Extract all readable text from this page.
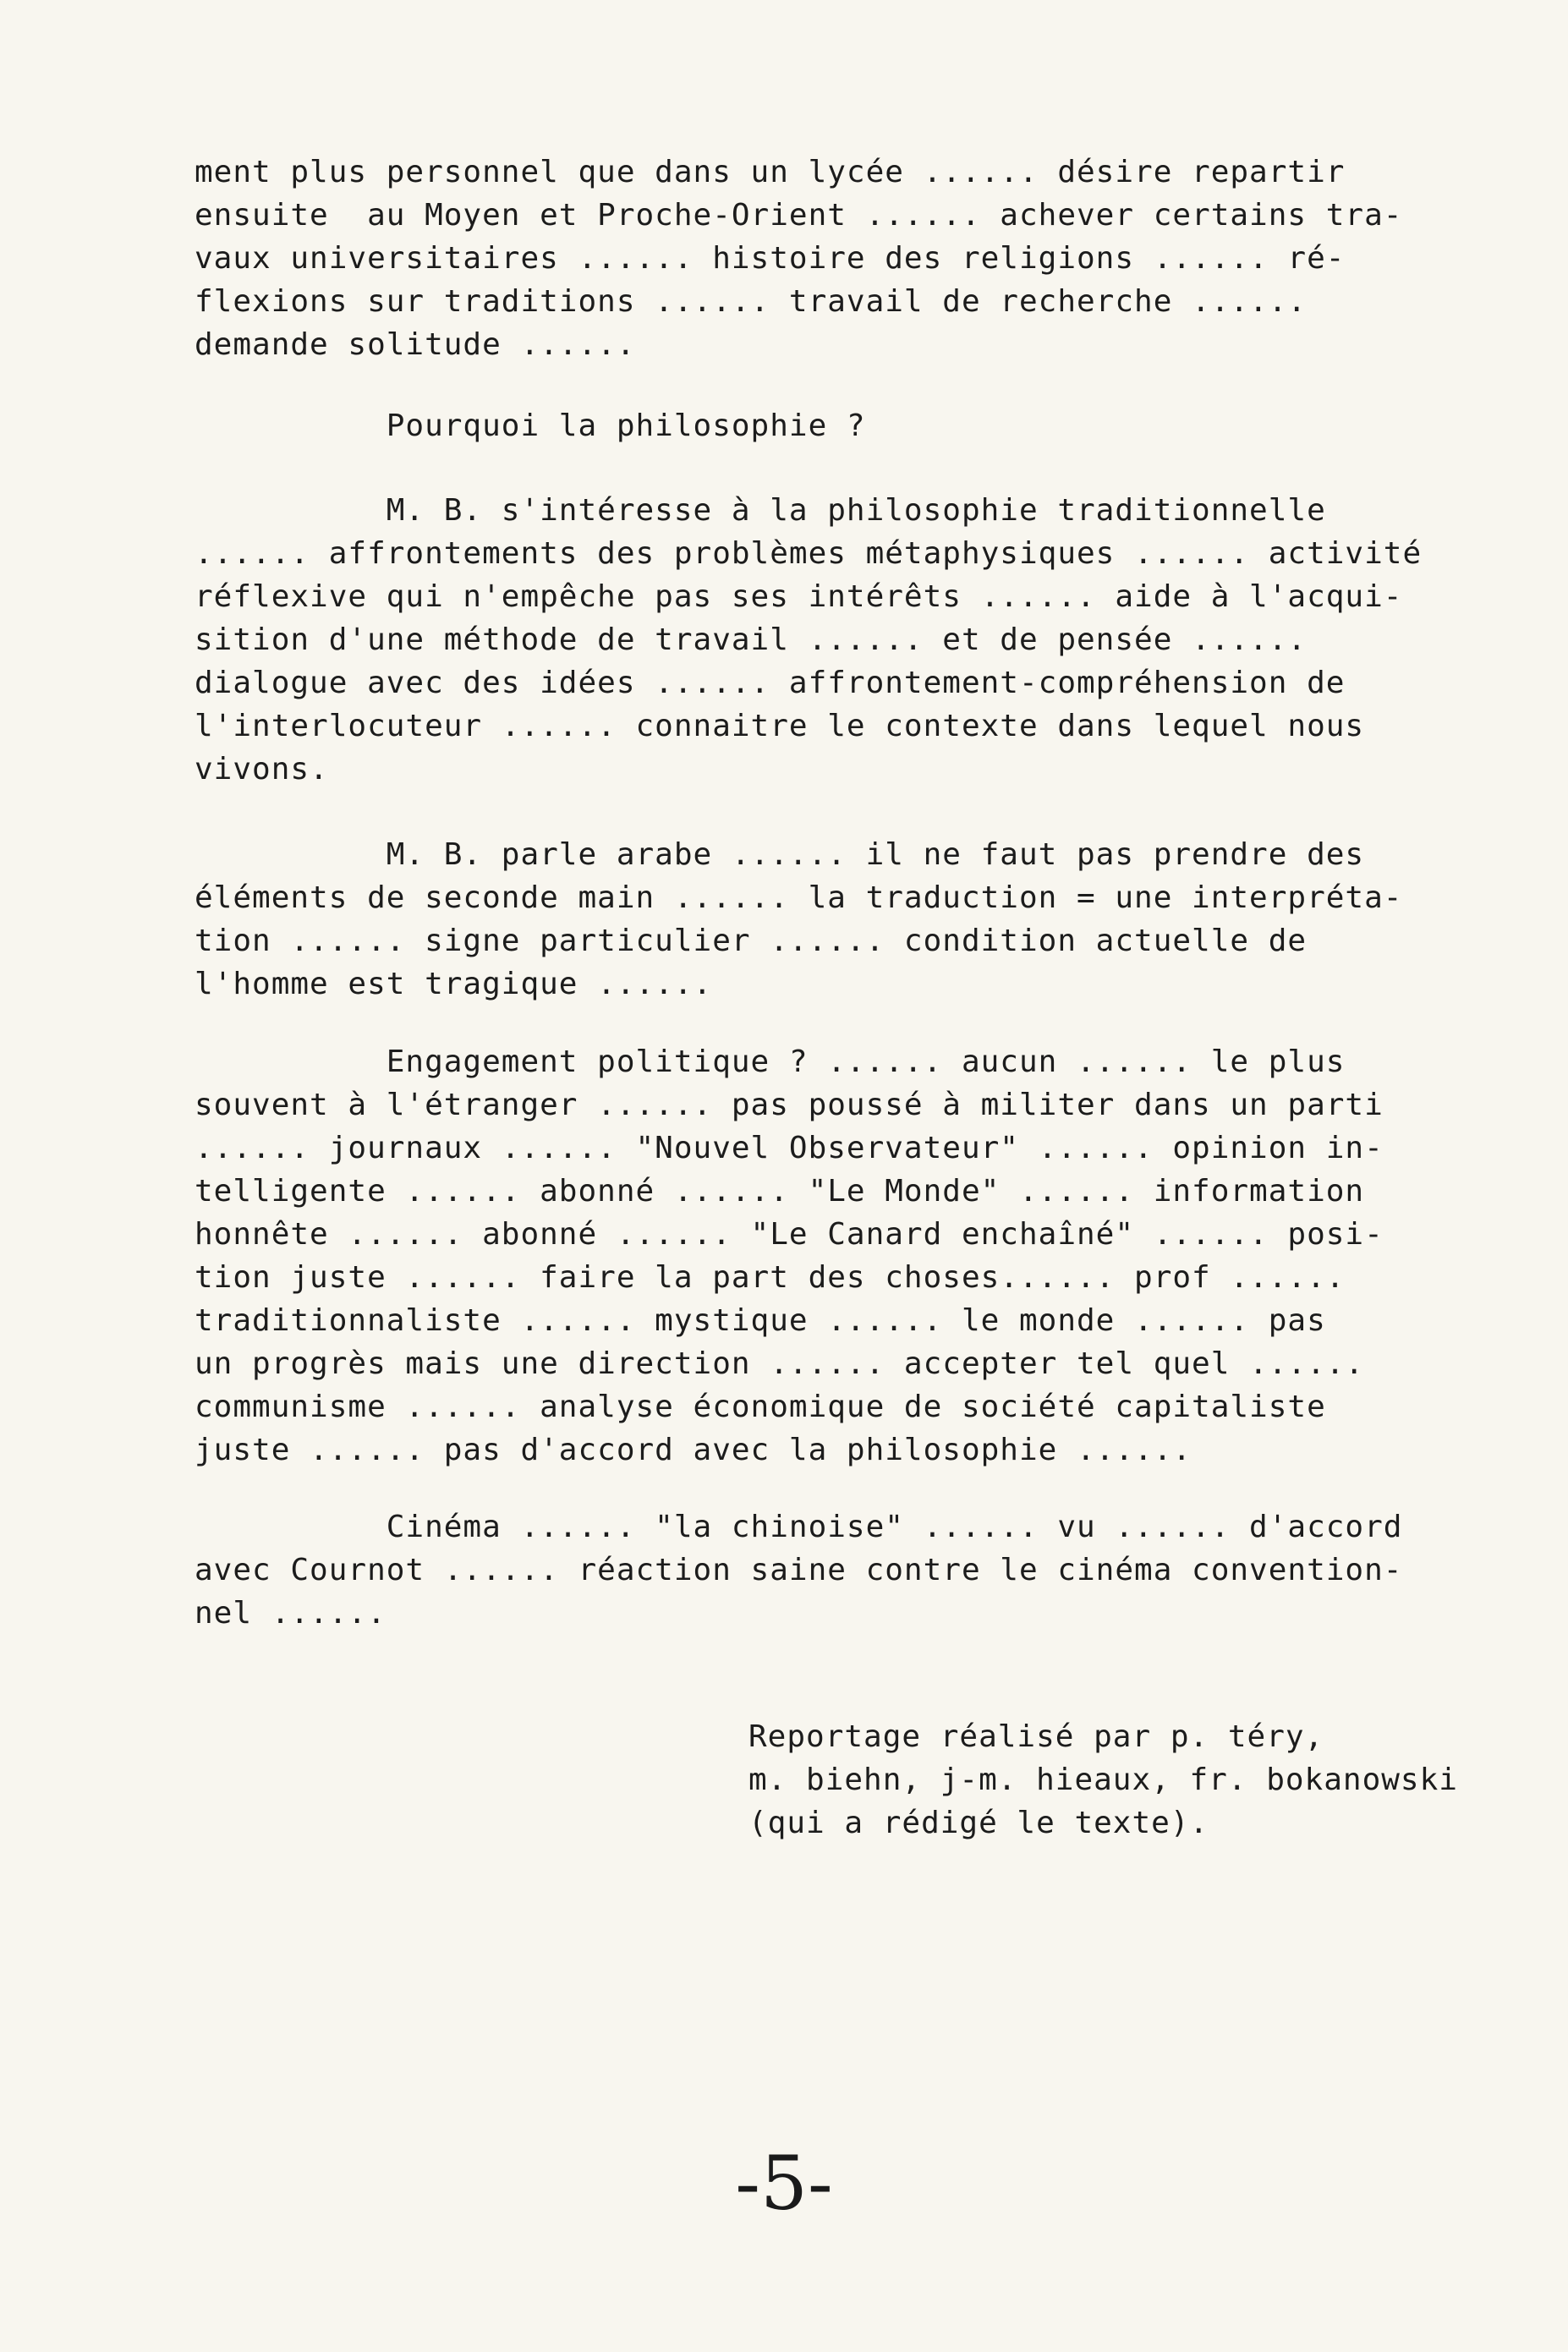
ment plus personnel que dans un lycée ...... désire repartir
ensuite  au Moyen et Proche-Orient ...... achever certains tra-
vaux universitaires ...... histoire des religions ...... ré-
flexions sur traditions ...... travail de recherche ......
demande solitude ......
Pourquoi la philosophie ?
M. B. s'intéresse à la philosophie traditionnelle
...... affrontements des problèmes métaphysiques ...... activité
réflexive qui n'empêche pas ses intérêts ...... aide à l'acqui-
sition d'une méthode de travail ...... et de pensée ......
dialogue avec des idées ...... affrontement-compréhension de
l'interlocuteur ...... connaitre le contexte dans lequel nous
vivons.
M. B. parle arabe ...... il ne faut pas prendre des
éléments de seconde main ...... la traduction = une interpréta-
tion ...... signe particulier ...... condition actuelle de
l'homme est tragique ......
Engagement politique ? ...... aucun ...... le plus
souvent à l'étranger ...... pas poussé à militer dans un parti
...... journaux ...... "Nouvel Observateur" ...... opinion in-
telligente ...... abonné ...... "Le Monde" ...... information
honnête ...... abonné ...... "Le Canard enchaîné" ...... posi-
tion juste ...... faire la part des choses...... prof ......
traditionnaliste ...... mystique ...... le monde ...... pas
un progrès mais une direction ...... accepter tel quel ......
communisme ...... analyse économique de société capitaliste
juste ...... pas d'accord avec la philosophie ......
Cinéma ...... "la chinoise" ...... vu ...... d'accord
avec Cournot ...... réaction saine contre le cinéma convention-
nel ......
Reportage réalisé par p. téry,
m. biehn, j-m. hieaux, fr. bokanowski
(qui a rédigé le texte).
-5-
